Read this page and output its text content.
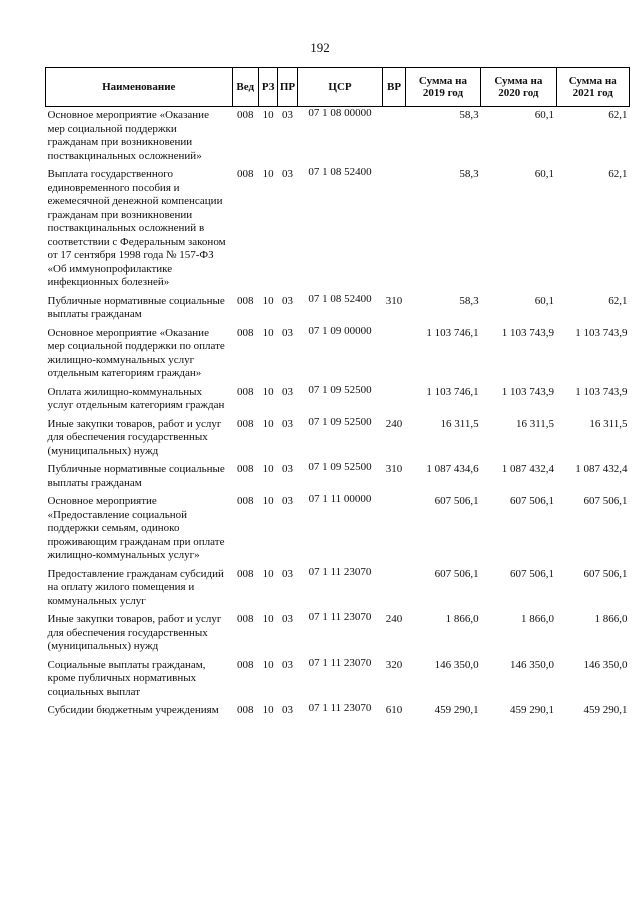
192
Наименование	Вед	РЗ	ПР	ЦСР	ВР	Сумма на 2019 год	Сумма на 2020 год	Сумма на 2021 год
Основное мероприятие «Оказание мер социальной поддержки гражданам при возникновении поствакцинальных осложнений»	008	10	03	07 1 08 00000		58,3	60,1	62,1
Выплата государственного единовременного пособия и ежемесячной денежной компенсации гражданам при возникновении поствакцинальных осложнений в соответствии с Федеральным законом от 17 сентября 1998 года № 157-ФЗ «Об иммунопрофилактике инфекционных болезней»	008	10	03	07 1 08 52400		58,3	60,1	62,1
Публичные нормативные социальные выплаты гражданам	008	10	03	07 1 08 52400	310	58,3	60,1	62,1
Основное мероприятие «Оказание мер социальной поддержки по оплате жилищно-коммунальных услуг отдельным категориям граждан»	008	10	03	07 1 09 00000		1 103 746,1	1 103 743,9	1 103 743,9
Оплата жилищно-коммунальных услуг отдельным категориям граждан	008	10	03	07 1 09 52500		1 103 746,1	1 103 743,9	1 103 743,9
Иные закупки товаров, работ и услуг для обеспечения государственных (муниципальных) нужд	008	10	03	07 1 09 52500	240	16 311,5	16 311,5	16 311,5
Публичные нормативные социальные выплаты гражданам	008	10	03	07 1 09 52500	310	1 087 434,6	1 087 432,4	1 087 432,4
Основное мероприятие «Предоставление социальной поддержки семьям, одиноко проживающим гражданам при оплате жилищно-коммунальных услуг»	008	10	03	07 1 11 00000		607 506,1	607 506,1	607 506,1
Предоставление гражданам субсидий на оплату жилого помещения и коммунальных услуг	008	10	03	07 1 11 23070		607 506,1	607 506,1	607 506,1
Иные закупки товаров, работ и услуг для обеспечения государственных (муниципальных) нужд	008	10	03	07 1 11 23070	240	1 866,0	1 866,0	1 866,0
Социальные выплаты гражданам, кроме публичных нормативных социальных выплат	008	10	03	07 1 11 23070	320	146 350,0	146 350,0	146 350,0
Субсидии бюджетным учреждениям	008	10	03	07 1 11 23070	610	459 290,1	459 290,1	459 290,1
